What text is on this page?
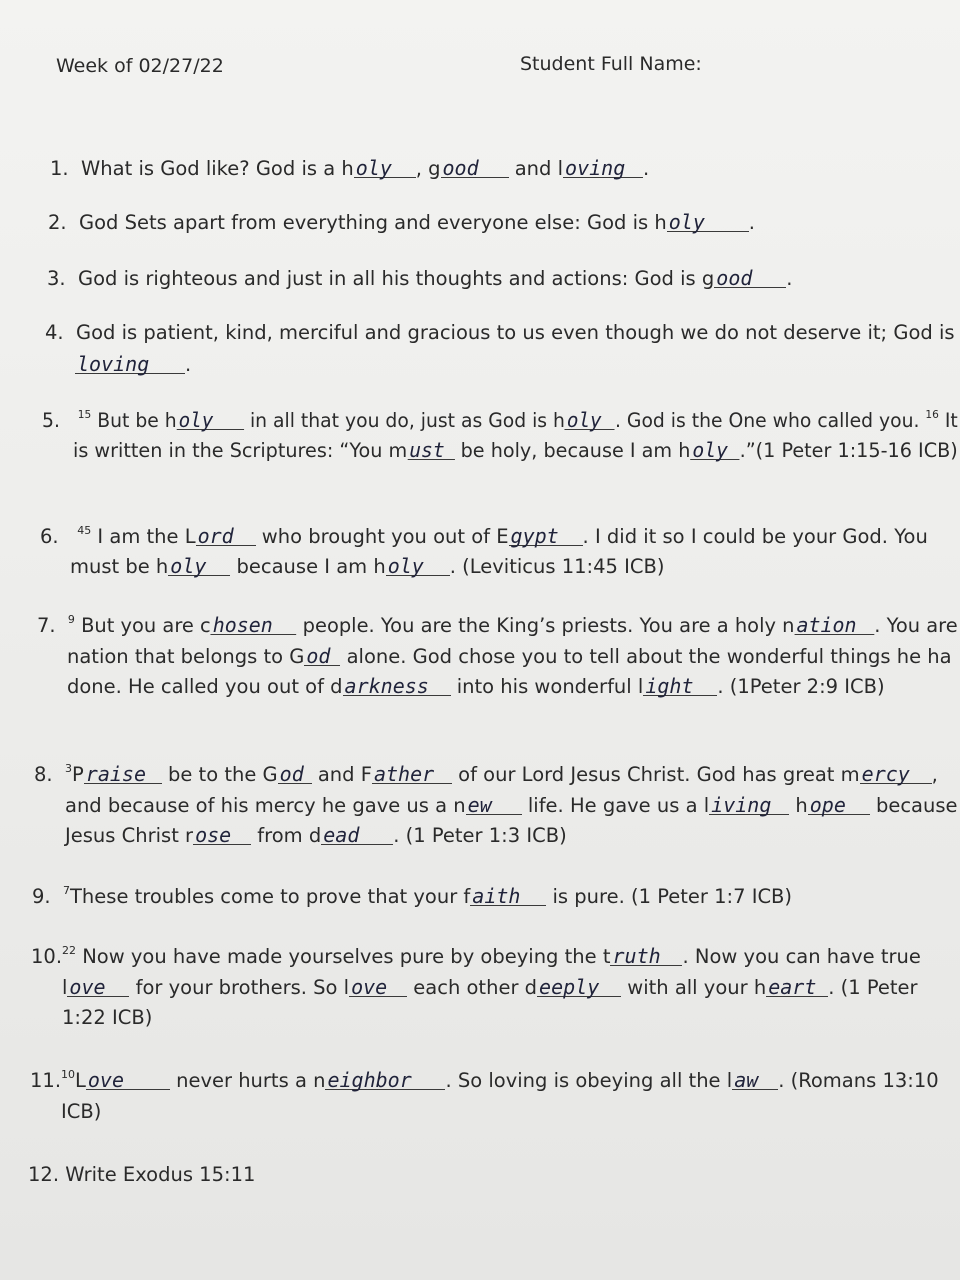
Week of 02/27/22	Student Full Name:
1. What is God like? God is a h oly , g ood and l oving .
2. God Sets apart from everything and everyone else: God is h oly .
3. God is righteous and just in all his thoughts and actions: God is g ood .
4. God is patient, kind, merciful and gracious to us even though we do not deserve it; God is
loving .
5. $^{15}$ But be h oly in all that you do, just as God is h oly . God is the One who called you. $^{16}$ It
is written in the Scriptures: “You m ust be holy, because I am h oly .”(1 Peter 1:15-16 ICB)
6. $^{45}$ I am the L ord who brought you out of E gypt . I did it so I could be your God. You
must be h oly because I am h oly . (Leviticus 11:45 ICB)
7. $^9$ But you are c hosen people. You are the King’s priests. You are a holy n ation . You are
nation that belongs to G od alone. God chose you to tell about the wonderful things he ha
done. He called you out of d arkness into his wonderful l ight . (1Peter 2:9 ICB)
8. $^3$P raise be to the G od and F ather of our Lord Jesus Christ. God has great m ercy ,
and because of his mercy he gave us a n ew life. He gave us a l iving h ope because
Jesus Christ r ose from d ead . (1 Peter 1:3 ICB)
9. $^7$These troubles come to prove that your f aith is pure. (1 Peter 1:7 ICB)
10.22 Now you have made yourselves pure by obeying the t ruth . Now you can have true
l ove for your brothers. So l ove each other d eeply with all your h eart . (1 Peter
1:22 ICB)
11.10L ove	never hurts a n eighbor . So loving is obeying all the l aw . (Romans 13:10
ICB)
12. Write Exodus 15:11
